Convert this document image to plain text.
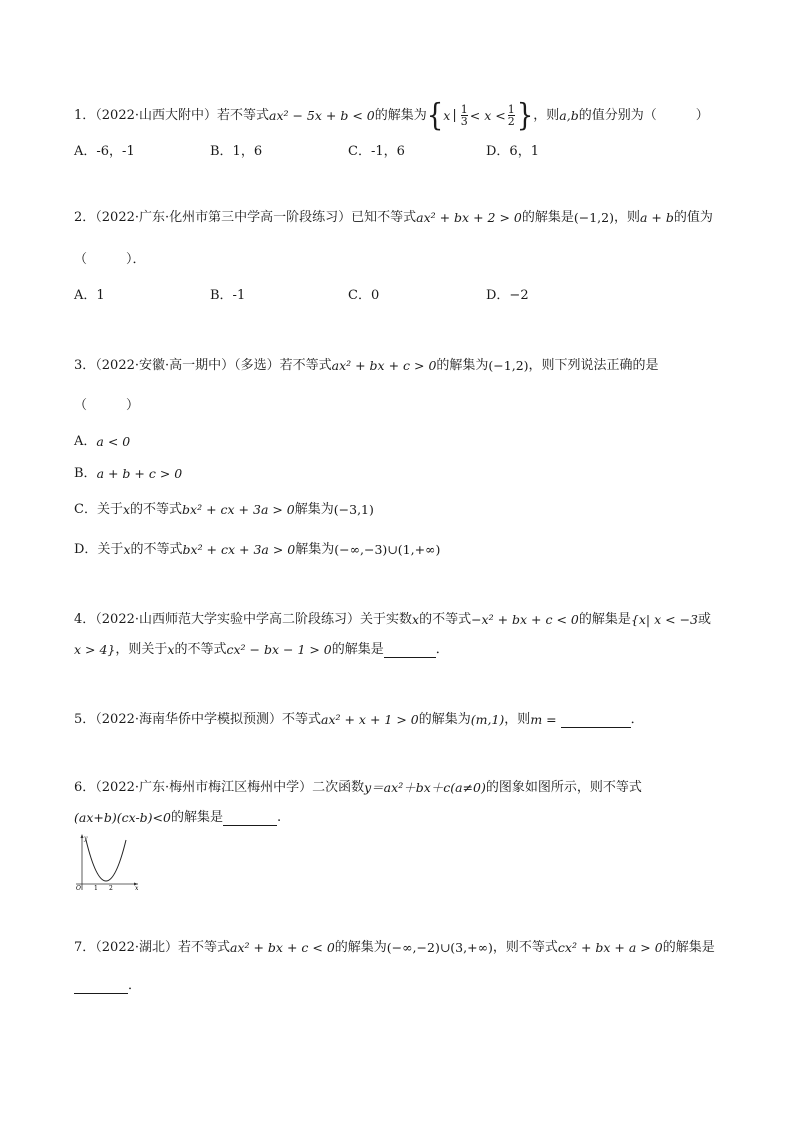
1．（2022·山西大附中）若不等式 ax² − 5x + b < 0 的解集为 { x | $\frac{1}{3} < x < \frac{1}{2}$ } ，则 a,b 的值分别为（　　　）
A．-6，-1	B．1，6	C．-1，6	D．6，1
2．（2022·广东·化州市第三中学高一阶段练习）已知不等式 ax² + bx + 2 > 0 的解集是 (−1,2) ，则 a + b 的值为
（　　　）．
A．1	B．-1	C．0	D．−2
3．（2022·安徽·高一期中）（多选）若不等式 ax² + bx + c > 0 的解集为 (−1,2) ，则下列说法正确的是
（　　　）
A． a < 0
B． a + b + c > 0
C．关于 x 的不等式 bx² + cx + 3a > 0 解集为 (−3,1)
D．关于 x 的不等式 bx² + cx + 3a > 0 解集为 (−∞,−3)∪(1,+∞)
4．（2022·山西师范大学实验中学高二阶段练习）关于实数 x 的不等式 −x² + bx + c < 0 的解集是 {x| x < −3 或
x > 4} ，则关于 x 的不等式 cx² − bx − 1 > 0 的解集是	．
5．（2022·海南华侨中学模拟预测）不等式 ax² + x + 1 > 0 的解集为 (m,1) ，则 m =	．
6．（2022·广东·梅州市梅江区梅州中学）二次函数 y＝ax²＋bx＋c(a≠0) 的图象如图所示，则不等式
(ax+b)(cx-b)<0 的解集是	.
y
O 1 2	x
7．（2022·湖北）若不等式 ax² + bx + c < 0 的解集为 (−∞,−2)∪(3,+∞) ，则不等式 cx² + bx + a > 0 的解集是
．
